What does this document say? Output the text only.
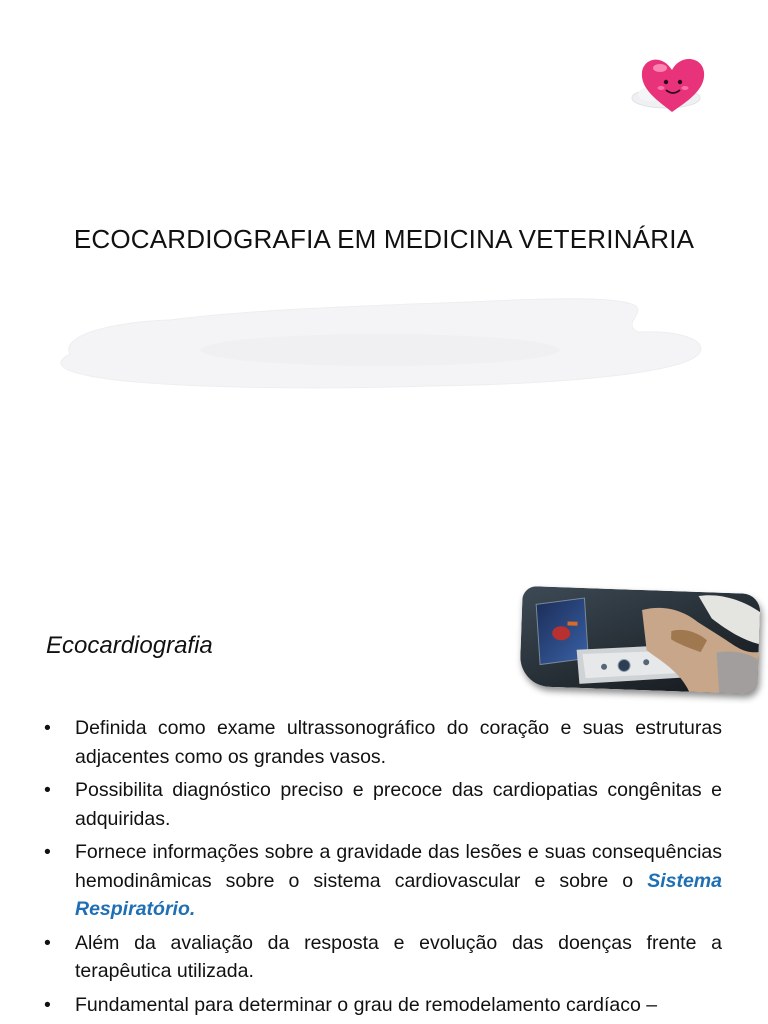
ECOCARDIOGRAFIA EM MEDICINA VETERINÁRIA
Ecocardiografia
• Definida como exame ultrassonográfico do coração e suas estruturas adjacentes como os grandes vasos.
• Possibilita diagnóstico preciso e precoce das cardiopatias congênitas e adquiridas.
• Fornece informações sobre a gravidade das lesões e suas consequências hemodinâmicas sobre o sistema cardiovascular e sobre o Sistema Respiratório.
• Além da avaliação da resposta e evolução das doenças frente a terapêutica utilizada.
• Fundamental para determinar o grau de remodelamento cardíaco –
